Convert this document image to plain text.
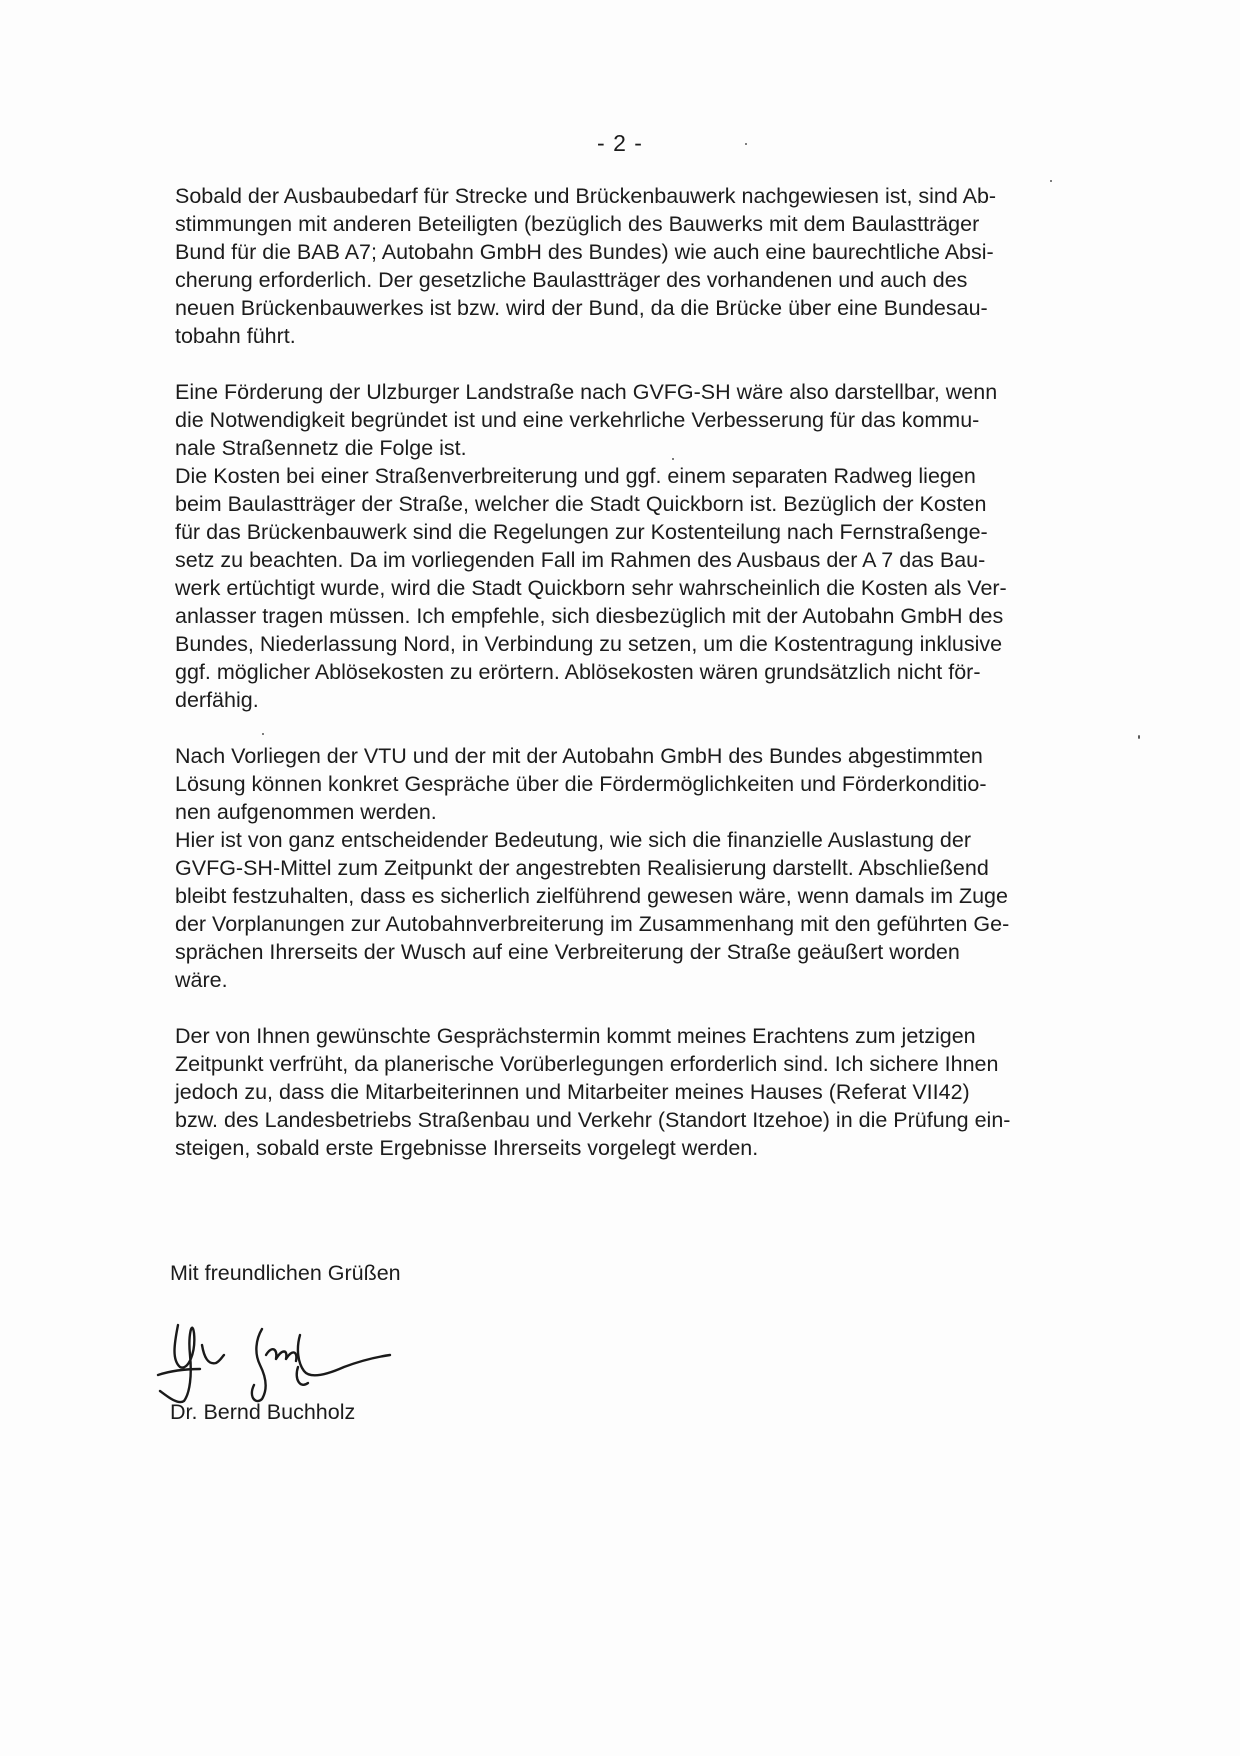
- 2 -
Sobald der Ausbaubedarf für Strecke und Brückenbauwerk nachgewiesen ist, sind Ab-
stimmungen mit anderen Beteiligten (bezüglich des Bauwerks mit dem Baulastträger
Bund für die BAB A7; Autobahn GmbH des Bundes) wie auch eine baurechtliche Absi-
cherung erforderlich. Der gesetzliche Baulastträger des vorhandenen und auch des
neuen Brückenbauwerkes ist bzw. wird der Bund, da die Brücke über eine Bundesau-
tobahn führt.
Eine Förderung der Ulzburger Landstraße nach GVFG-SH wäre also darstellbar, wenn
die Notwendigkeit begründet ist und eine verkehrliche Verbesserung für das kommu-
nale Straßennetz die Folge ist.
Die Kosten bei einer Straßenverbreiterung und ggf. einem separaten Radweg liegen
beim Baulastträger der Straße, welcher die Stadt Quickborn ist. Bezüglich der Kosten
für das Brückenbauwerk sind die Regelungen zur Kostenteilung nach Fernstraßenge-
setz zu beachten. Da im vorliegenden Fall im Rahmen des Ausbaus der A 7 das Bau-
werk ertüchtigt wurde, wird die Stadt Quickborn sehr wahrscheinlich die Kosten als Ver-
anlasser tragen müssen. Ich empfehle, sich diesbezüglich mit der Autobahn GmbH des
Bundes, Niederlassung Nord, in Verbindung zu setzen, um die Kostentragung inklusive
ggf. möglicher Ablösekosten zu erörtern. Ablösekosten wären grundsätzlich nicht för-
derfähig.
Nach Vorliegen der VTU und der mit der Autobahn GmbH des Bundes abgestimmten
Lösung können konkret Gespräche über die Fördermöglichkeiten und Förderkonditio-
nen aufgenommen werden.
Hier ist von ganz entscheidender Bedeutung, wie sich die finanzielle Auslastung der
GVFG-SH-Mittel zum Zeitpunkt der angestrebten Realisierung darstellt. Abschließend
bleibt festzuhalten, dass es sicherlich zielführend gewesen wäre, wenn damals im Zuge
der Vorplanungen zur Autobahnverbreiterung im Zusammenhang mit den geführten Ge-
sprächen Ihrerseits der Wusch auf eine Verbreiterung der Straße geäußert worden
wäre.
Der von Ihnen gewünschte Gesprächstermin kommt meines Erachtens zum jetzigen
Zeitpunkt verfrüht, da planerische Vorüberlegungen erforderlich sind. Ich sichere Ihnen
jedoch zu, dass die Mitarbeiterinnen und Mitarbeiter meines Hauses (Referat VII42)
bzw. des Landesbetriebs Straßenbau und Verkehr (Standort Itzehoe) in die Prüfung ein-
steigen, sobald erste Ergebnisse Ihrerseits vorgelegt werden.
Mit freundlichen Grüßen
Dr. Bernd Buchholz
